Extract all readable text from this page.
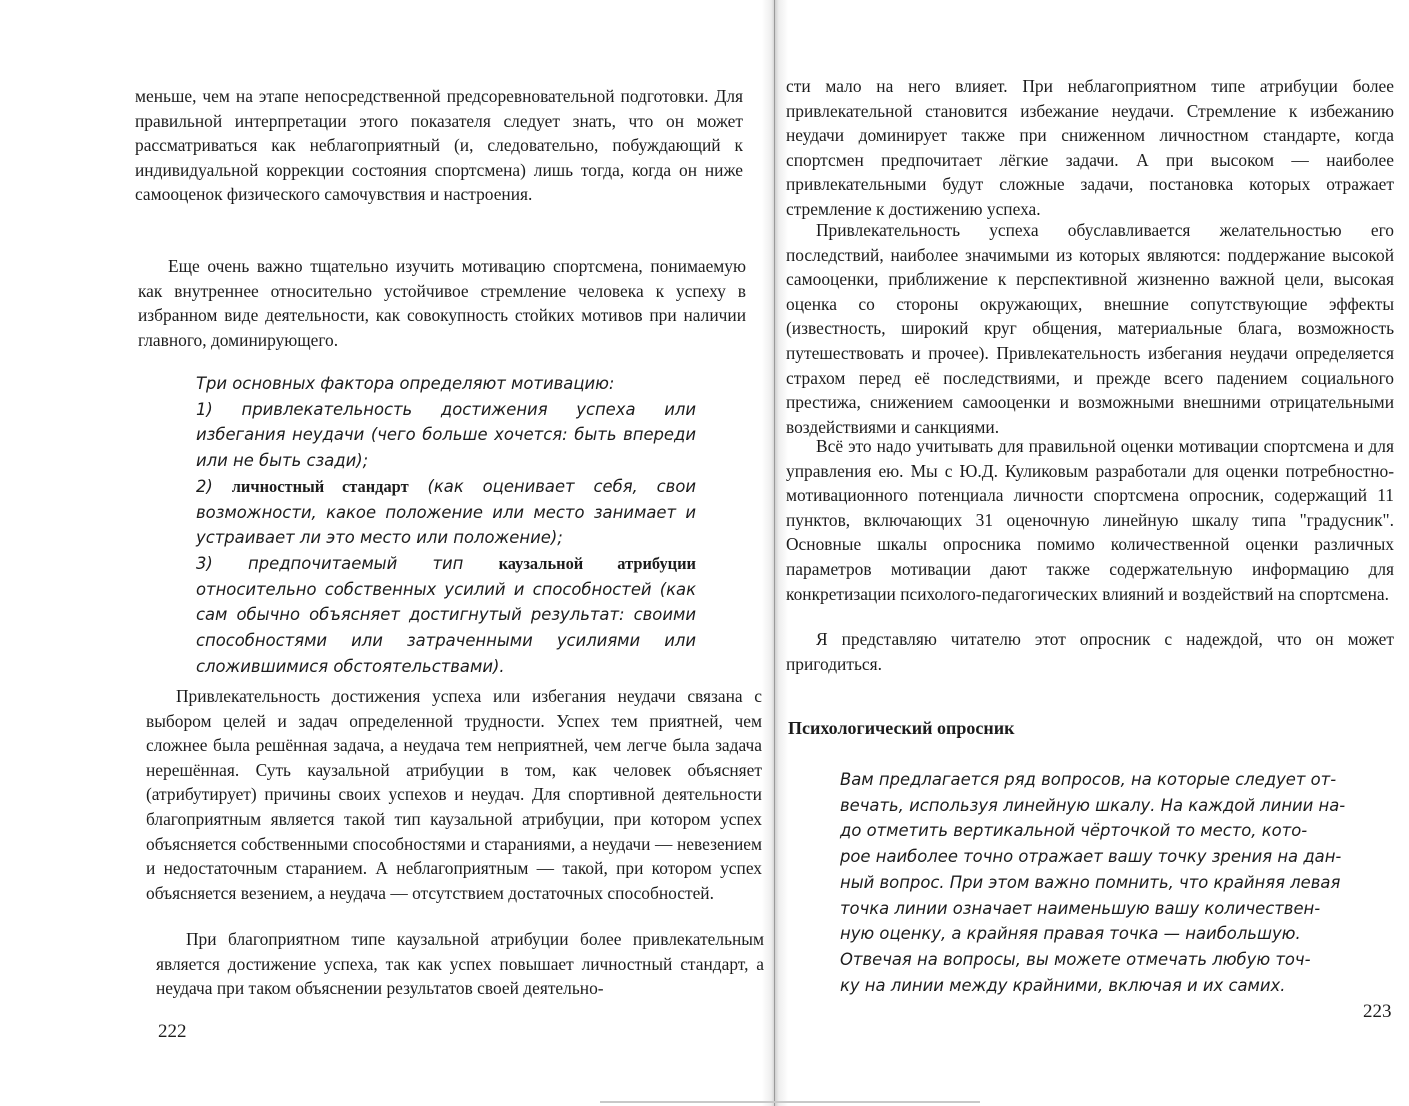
меньше, чем на этапе непосредственной предсоревновательной подготовки. Для правильной интерпретации этого показателя следует знать, что он может рассматриваться как неблагоприятный (и, следовательно, побуждающий к индивидуальной коррекции состояния спортсмена) лишь тогда, когда он ниже самооценок физического самочувствия и настроения.

Еще очень важно тщательно изучить мотивацию спортсмена, понимаемую как внутреннее относительно устойчивое стремление человека к успеху в избранном виде деятельности, как совокупность стойких мотивов при наличии главного, доминирующего.

Три основных фактора определяют мотивацию:
1) привлекательность достижения успеха или избегания неудачи (чего больше хочется: быть впереди или не быть сзади);
2) личностный стандарт (как оценивает себя, свои возможности, какое положение или место занимает и устраивает ли это место или положение);
3) предпочитаемый тип каузальной атрибуции относительно собственных усилий и способностей (как сам обычно объясняет достигнутый результат: своими способностями или затраченными усилиями или сложившимися обстоятельствами).

Привлекательность достижения успеха или избегания неудачи связана с выбором целей и задач определенной трудности. Успех тем приятней, чем сложнее была решённая задача, а неудача тем неприятней, чем легче была задача нерешённая. Суть каузальной атрибуции в том, как человек объясняет (атрибутирует) причины своих успехов и неудач. Для спортивной деятельности благоприятным является такой тип каузальной атрибуции, при котором успех объясняется собственными способностями и стараниями, а неудачи — невезением и недостаточным старанием. А неблагоприятным — такой, при котором успех объясняется везением, а неудача — отсутствием достаточных способностей.

При благоприятном типе каузальной атрибуции более привлекательным является достижение успеха, так как успех повышает личностный стандарт, а неудача при таком объяснении результатов своей деятельно-

222

сти мало на него влияет. При неблагоприятном типе атрибуции более привлекательной становится избежание неудачи. Стремление к избежанию неудачи доминирует также при сниженном личностном стандарте, когда спортсмен предпочитает лёгкие задачи. А при высоком — наиболее привлекательными будут сложные задачи, постановка которых отражает стремление к достижению успеха.

Привлекательность успеха обуславливается желательностью его последствий, наиболее значимыми из которых являются: поддержание высокой самооценки, приближение к перспективной жизненно важной цели, высокая оценка со стороны окружающих, внешние сопутствующие эффекты (известность, широкий круг общения, материальные блага, возможность путешествовать и прочее). Привлекательность избегания неудачи определяется страхом перед её последствиями, и прежде всего падением социального престижа, снижением самооценки и возможными внешними отрицательными воздействиями и санкциями.

Всё это надо учитывать для правильной оценки мотивации спортсмена и для управления ею. Мы с Ю.Д. Куликовым разработали для оценки потребностно-мотивационного потенциала личности спортсмена опросник, содержащий 11 пунктов, включающих 31 оценочную линейную шкалу типа "градусник". Основные шкалы опросника помимо количественной оценки различных параметров мотивации дают также содержательную информацию для конкретизации психолого-педагогических влияний и воздействий на спортсмена.

Я представляю читателю этот опросник с надеждой, что он может пригодиться.

Психологический опросник

Вам предлагается ряд вопросов, на которые следует от-
вечать, используя линейную шкалу. На каждой линии на-
до отметить вертикальной чёрточкой то место, кото-
рое наиболее точно отражает вашу точку зрения на дан-
ный вопрос. При этом важно помнить, что крайняя левая
точка линии означает наименьшую вашу количествен-
ную оценку, а крайняя правая точка — наибольшую.
Отвечая на вопросы, вы можете отмечать любую точ-
ку на линии между крайними, включая и их самих.

223
